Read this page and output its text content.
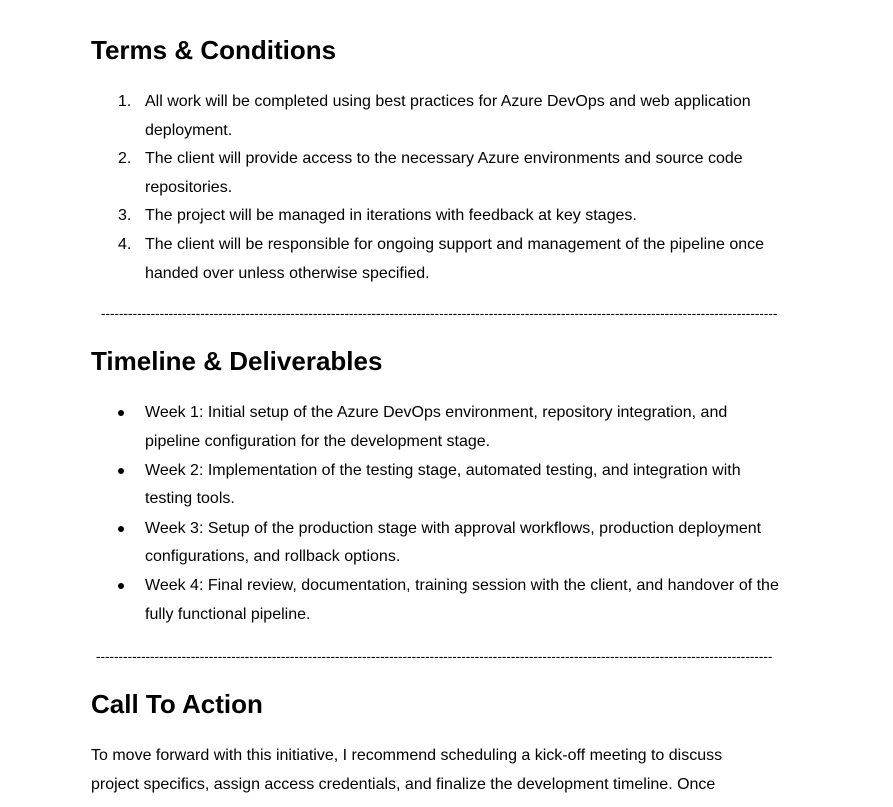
Terms & Conditions
1. All work will be completed using best practices for Azure DevOps and web application deployment.
2. The client will provide access to the necessary Azure environments and source code repositories.
3. The project will be managed in iterations with feedback at key stages.
4. The client will be responsible for ongoing support and management of the pipeline once handed over unless otherwise specified.
------------------------------------------------------------------------------------------------------------------------------------------------------
Timeline & Deliverables
Week 1: Initial setup of the Azure DevOps environment, repository integration, and pipeline configuration for the development stage.
Week 2: Implementation of the testing stage, automated testing, and integration with testing tools.
Week 3: Setup of the production stage with approval workflows, production deployment configurations, and rollback options.
Week 4: Final review, documentation, training session with the client, and handover of the fully functional pipeline.
------------------------------------------------------------------------------------------------------------------------------------------------------
Call To Action

To move forward with this initiative, I recommend scheduling a kick-off meeting to discuss project specifics, assign access credentials, and finalize the development timeline. Once
